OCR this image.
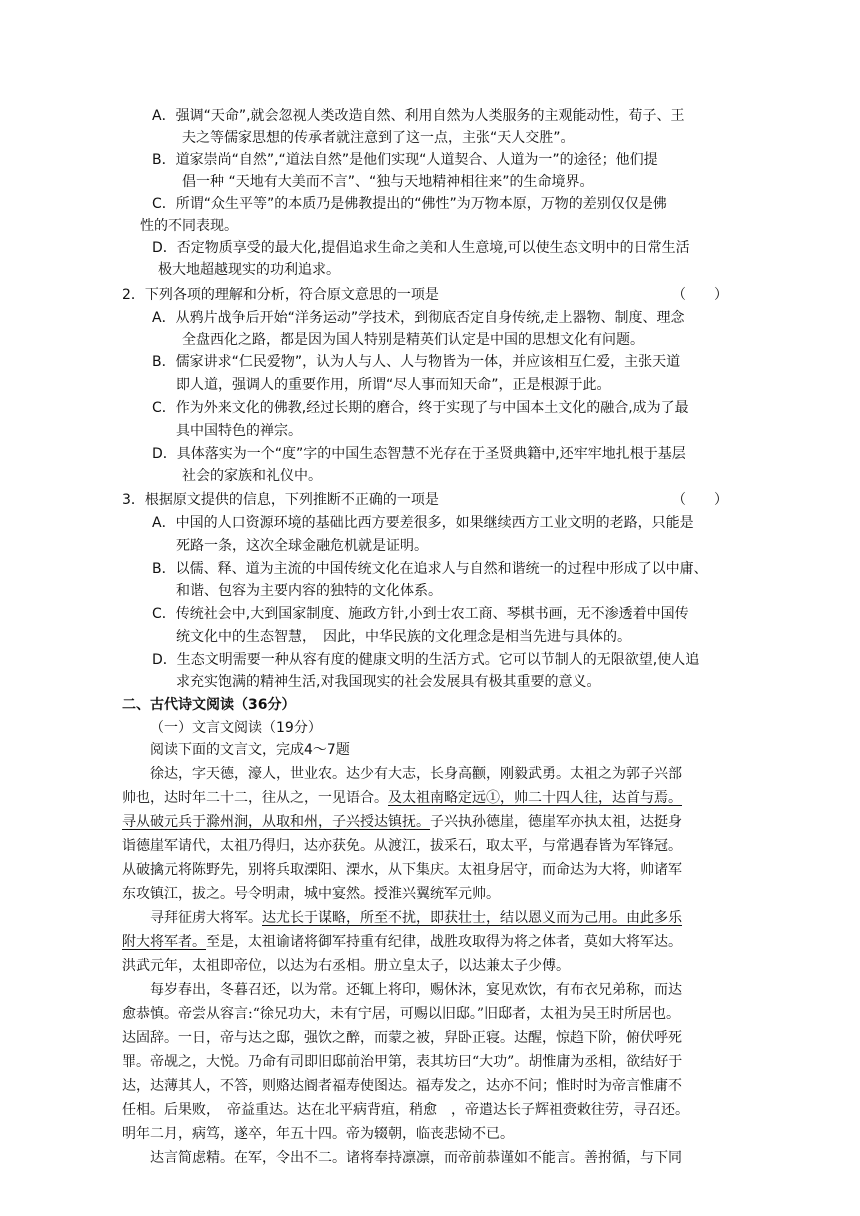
A．强调“天命”,就会忽视人类改造自然、利用自然为人类服务的主观能动性，荀子、王
夫之等儒家思想的传承者就注意到了这一点，主张“天人交胜”。
B．道家崇尚“自然”,“道法自然”是他们实现“人道契合、人道为一”的途径；他们提
倡一种 “天地有大美而不言”、“独与天地精神相往来”的生命境界。
C．所谓“众生平等”的本质乃是佛教提出的“佛性”为万物本原，万物的差别仅仅是佛
性的不同表现。
D．否定物质享受的最大化,提倡追求生命之美和人生意境,可以使生态文明中的日常生活
极大地超越现实的功利追求。
2．下列各项的理解和分析，符合原文意思的一项是	（　　）
A．从鸦片战争后开始“洋务运动”学技术，到彻底否定自身传统,走上器物、制度、理念
全盘西化之路，都是因为国人特别是精英们认定是中国的思想文化有问题。
B．儒家讲求“仁民爱物”，认为人与人、人与物皆为一体，并应该相互仁爱，主张天道
即人道，强调人的重要作用，所谓“尽人事而知天命”，正是根源于此。
C．作为外来文化的佛教,经过长期的磨合，终于实现了与中国本土文化的融合,成为了最
具中国特色的禅宗。
D．具体落实为一个“度”字的中国生态智慧不光存在于圣贤典籍中,还牢牢地扎根于基层
社会的家族和礼仪中。
3．根据原文提供的信息，下列推断不正确的一项是	（　　）
A．中国的人口资源环境的基础比西方要差很多，如果继续西方工业文明的老路，只能是
死路一条，这次全球金融危机就是证明。
B．以儒、释、道为主流的中国传统文化在追求人与自然和谐统一的过程中形成了以中庸、
和谐、包容为主要内容的独特的文化体系。
C．传统社会中,大到国家制度、施政方针,小到士农工商、琴棋书画，无不渗透着中国传
统文化中的生态智慧，　因此，中华民族的文化理念是相当先进与具体的。
D．生态文明需要一种从容有度的健康文明的生活方式。它可以节制人的无限欲望,使人追
求充实饱满的精神生活,对我国现实的社会发展具有极其重要的意义。
二、古代诗文阅读（36分）
（一）文言文阅读（19分）
阅读下面的文言文，完成4～7题
徐达，字天德，濠人，世业农。达少有大志，长身高颧，刚毅武勇。太祖之为郭子兴部
帅也，达时年二十二，往从之，一见语合。及太祖南略定远①，帅二十四人往，达首与焉。
寻从破元兵于滁州涧，从取和州，子兴授达镇抚。子兴执孙德崖，德崖军亦执太祖，达挺身
诣德崖军请代，太祖乃得归，达亦获免。从渡江，拔采石，取太平，与常遇春皆为军锋冠。
从破擒元将陈野先，别将兵取溧阳、溧水，从下集庆。太祖身居守，而命达为大将，帅诸军
东攻镇江，拔之。号令明肃，城中宴然。授淮兴翼统军元帅。
寻拜征虏大将军。达尤长于谋略，所至不扰，即获壮士，结以恩义而为己用。由此多乐
附大将军者。至是，太祖谕诸将御军持重有纪律，战胜攻取得为将之体者，莫如大将军达。
洪武元年，太祖即帝位，以达为右丞相。册立皇太子，以达兼太子少傅。
每岁春出，冬暮召还，以为常。还辄上将印，赐休沐，宴见欢饮，有布衣兄弟称，而达
愈恭慎。帝尝从容言:“徐兄功大，未有宁居，可赐以旧邸。”旧邸者，太祖为吴王时所居也。
达固辞。一日，帝与达之邸，强饮之醉，而蒙之被，舁卧正寝。达醒，惊趋下阶，俯伏呼死
罪。帝觇之，大悦。乃命有司即旧邸前治甲第，表其坊曰“大功”。胡惟庸为丞相，欲结好于
达，达薄其人，不答，则赂达阍者福寿使图达。福寿发之，达亦不问；惟时时为帝言惟庸不
任相。后果败，　帝益重达。达在北平病背疽，稍愈　，帝遣达长子辉祖赍敕往劳，寻召还。
明年二月，病笃，遂卒，年五十四。帝为辍朝，临丧悲恸不已。
达言简虑精。在军，令出不二。诸将奉持凛凛，而帝前恭谨如不能言。善拊循，与下同
